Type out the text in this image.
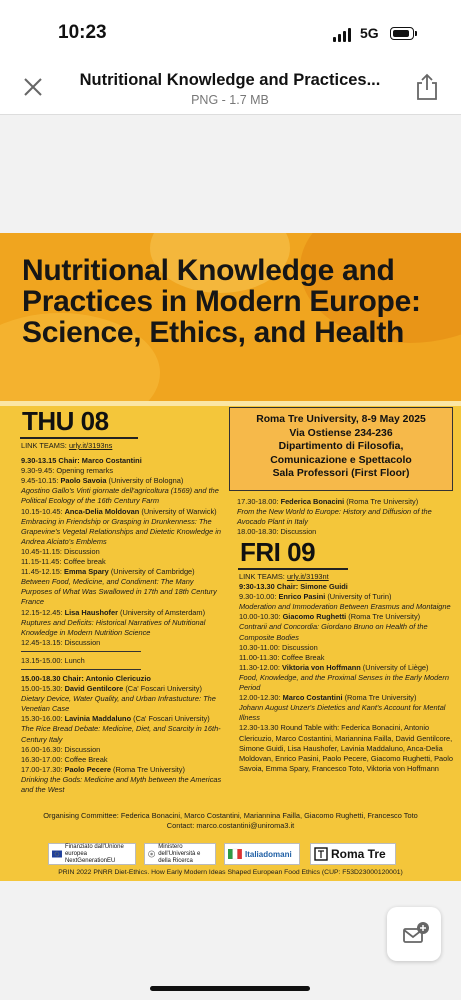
10:23	5G
Nutritional Knowledge and Practices...
PNG - 1.7 MB
Nutritional Knowledge and Practices in Modern Europe: Science, Ethics, and Health
THU 08	Roma Tre University, 8-9 May 2025
Via Ostiense 234-236
Dipartimento di Filosofia,
Comunicazione e Spettacolo
Sala Professori (First Floor)

LINK TEAMS: urly.it/3193ns

9.30-13.15 Chair: Marco Costantini

9.30-9.45: Opening remarks

9.45-10.15: Paolo Savoia (University of Bologna)

Agostino Gallo's Vinti giornate dell'agricoltura (1569) and the Political Ecology of the 16th Century Farm

10.15-10.45: Anca-Delia Moldovan (University of Warwick)

Embracing in Friendship or Grasping in Drunkenness: The Grapevine's Vegetal Relationships and Dietetic Knowledge in Andrea Alciato's Emblems

10.45-11.15: Discussion

11.15-11.45: Coffee break

11.45-12.15: Emma Spary (University of Cambridge)

Between Food, Medicine, and Condiment: The Many Purposes of What Was Swallowed in 17th and 18th Century France

12.15-12.45: Lisa Haushofer (University of Amsterdam)

Ruptures and Deficits: Historical Narratives of Nutritional Knowledge in Modern Nutrition Science

12.45-13.15: Discussion

13.15-15.00: Lunch

15.00-18.30 Chair: Antonio Clericuzio

15.00-15.30: David Gentilcore (Ca' Foscari University)

Dietary Device, Water Quality, and Urban Infrastucture: The Venetian Case

15.30-16.00: Lavinia Maddaluno (Ca' Foscari University)

The Rice Bread Debate: Medicine, Diet, and Scarcity in 16th-Century Italy

16.00-16.30: Discussion

16.30-17.00: Coffee Break

17.00-17.30: Paolo Pecere (Roma Tre University)

Drinking the Gods: Medicine and Myth between the Americas and the West

17.30-18.00: Federica Bonacini (Roma Tre University)

From the New World to Europe: History and Diffusion of the Avocado Plant in Italy

18.00-18.30: Discussion

FRI 09

LINK TEAMS: urly.it/3193nt

9:30-13.30 Chair: Simone Guidi

9.30-10.00: Enrico Pasini (University of Turin)

Moderation and Immoderation Between Erasmus and Montaigne

10.00-10.30: Giacomo Rughetti (Roma Tre University)

Contrarii and Concordia: Giordano Bruno on Health of the Composite Bodies

10.30-11.00: Discussion

11.00-11.30: Coffee Break

11.30-12.00: Viktoria von Hoffmann (University of Liège)

Food, Knowledge, and the Proximal Senses in the Early Modern Period

12.00-12.30: Marco Costantini (Roma Tre University)

Johann August Unzer's Dietetics and Kant's Account for Mental Illness

12.30-13.30 Round Table with: Federica Bonacini, Antonio Clericuzio, Marco Costantini, Mariannina Failla, David Gentilcore, Simone Guidi, Lisa Haushofer, Lavinia Maddaluno, Anca-Delia Moldovan, Enrico Pasini, Paolo Pecere, Giacomo Rughetti, Paolo Savoia, Emma Spary, Francesco Toto, Viktoria von Hoffmann

Organising Committee: Federica Bonacini, Marco Costantini, Mariannina Failla, Giacomo Rughetti, Francesco Toto
Contact: marco.costantini@uniroma3.it
Finanziato dall'Unione europea NextGenerationEU
Ministero dell'Università e della Ricerca
Italiadomani	Roma Tre
PRIN 2022 PNRR Diet-Ethics. How Early Modern Ideas Shaped European Food Ethics (CUP: F53D23000120001)
